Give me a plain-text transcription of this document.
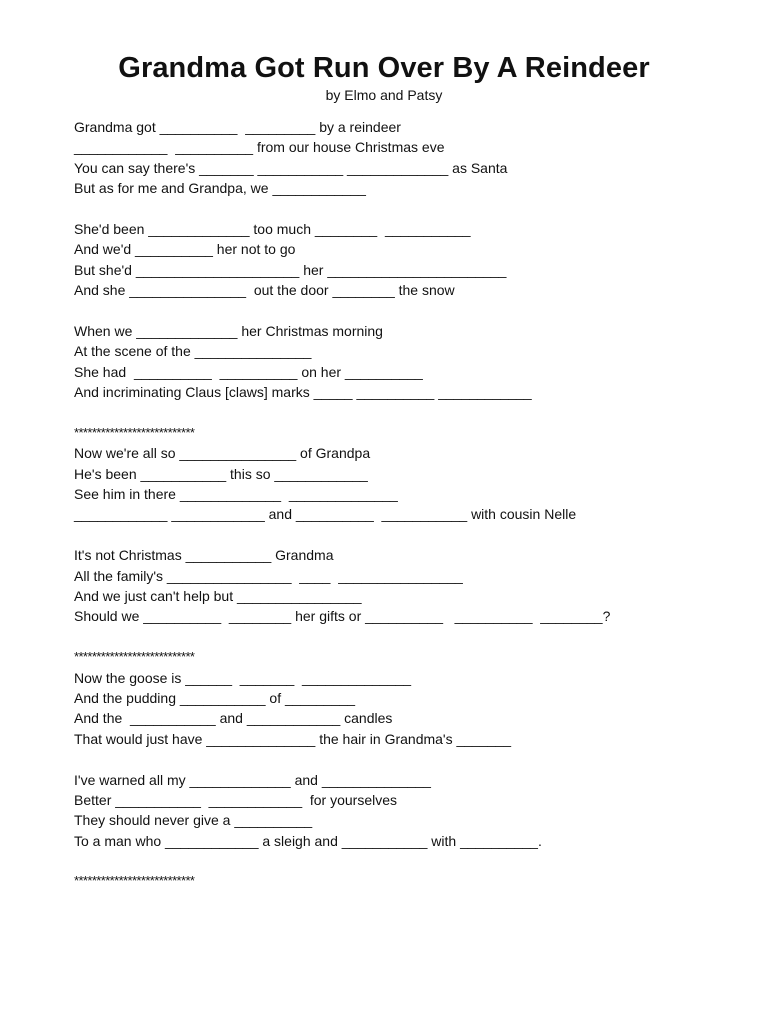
Grandma Got Run Over By A Reindeer
by Elmo and Patsy
Grandma got __________  _________ by a reindeer
____________  __________ from our house Christmas eve
You can say there's _______ ___________ _____________ as Santa
But as for me and Grandpa, we ____________
She'd been _____________ too much ________  ___________
And we'd __________ her not to go
But she'd _____________________ her _______________________
And she _______________  out the door ________ the snow
When we _____________ her Christmas morning
At the scene of the _______________
She had  __________  __________ on her __________
And incriminating Claus [claws] marks _____ __________ ____________
***************************
Now we're all so _______________ of Grandpa
He's been ___________ this so ____________
See him in there _____________  ______________
____________ ____________ and __________  ___________ with cousin Nelle
It's not Christmas ___________ Grandma
All the family's ________________  ____  ________________
And we just can't help but ________________
Should we __________  ________ her gifts or __________   __________  ________?
***************************
Now the goose is ______  _______  ______________
And the pudding ___________ of _________
And the  ___________ and ____________ candles
That would just have ______________ the hair in Grandma's _______
I've warned all my _____________ and ______________
Better ___________  ____________  for yourselves
They should never give a __________
To a man who ____________ a sleigh and ___________ with __________.
***************************
